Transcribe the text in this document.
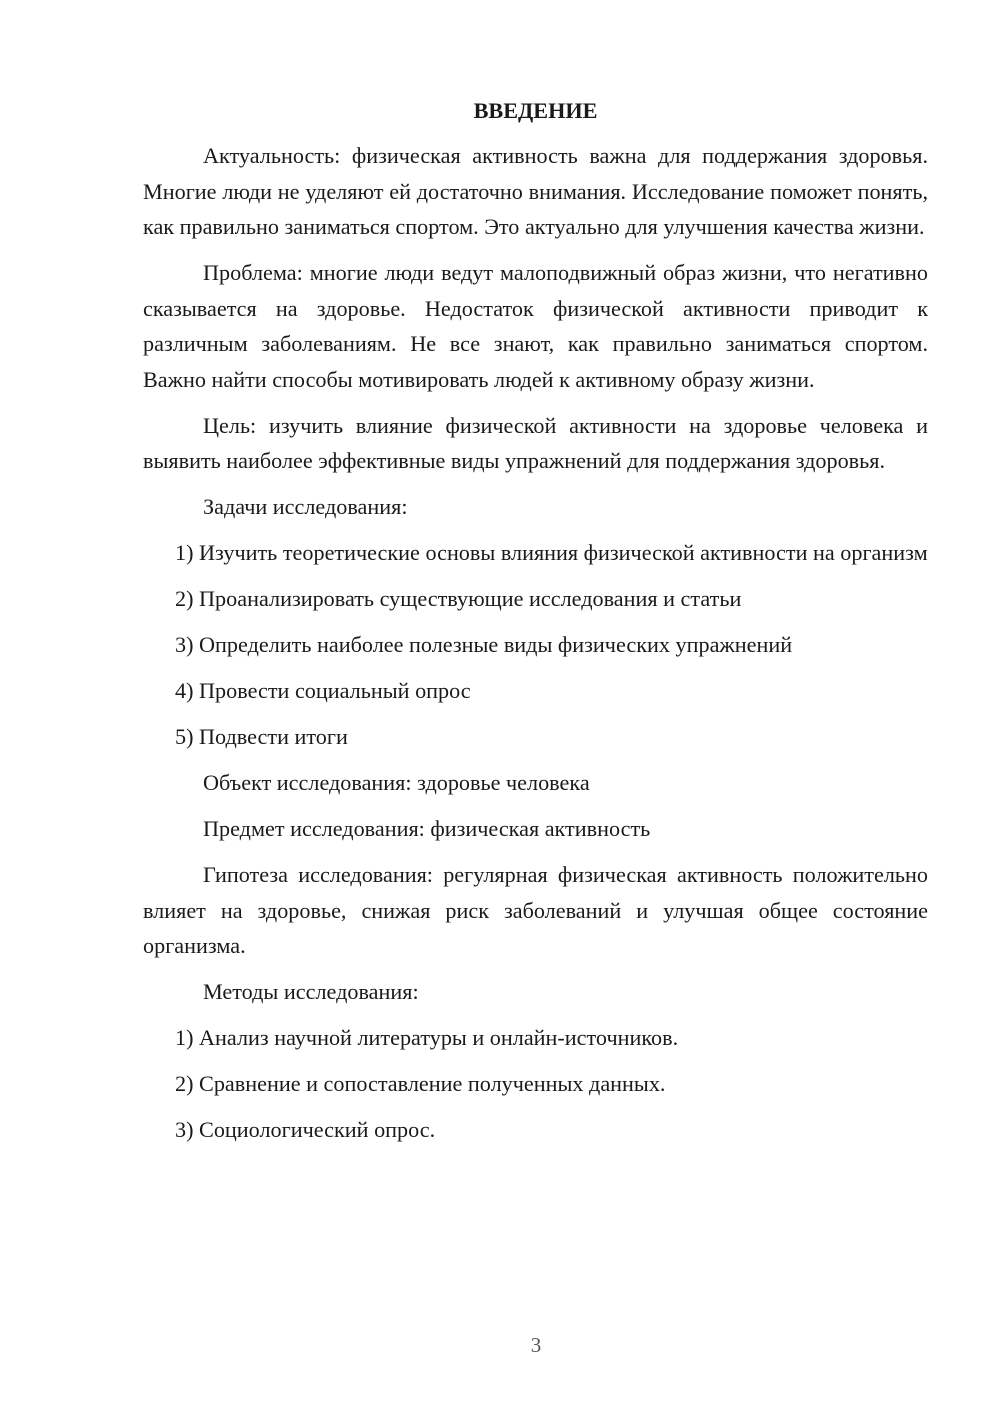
ВВЕДЕНИЕ

Актуальность: физическая активность важна для поддержания здоровья. Многие люди не уделяют ей достаточно внимания. Исследование поможет понять, как правильно заниматься спортом. Это актуально для улучшения качества жизни.

Проблема: многие люди ведут малоподвижный образ жизни, что негативно сказывается на здоровье. Недостаток физической активности приводит к различным заболеваниям. Не все знают, как правильно заниматься спортом. Важно найти способы мотивировать людей к активному образу жизни.

Цель: изучить влияние физической активности на здоровье человека и выявить наиболее эффективные виды упражнений для поддержания здоровья.

Задачи исследования:

1) Изучить теоретические основы влияния физической активности на организм

2) Проанализировать существующие исследования и статьи

3) Определить наиболее полезные виды физических упражнений

4) Провести социальный опрос

5) Подвести итоги

Объект исследования: здоровье человека

Предмет исследования: физическая активность

Гипотеза исследования: регулярная физическая активность положительно влияет на здоровье, снижая риск заболеваний и улучшая общее состояние организма.

Методы исследования:

1) Анализ научной литературы и онлайн-источников.

2) Сравнение и сопоставление полученных данных.

3) Социологический опрос.

3
